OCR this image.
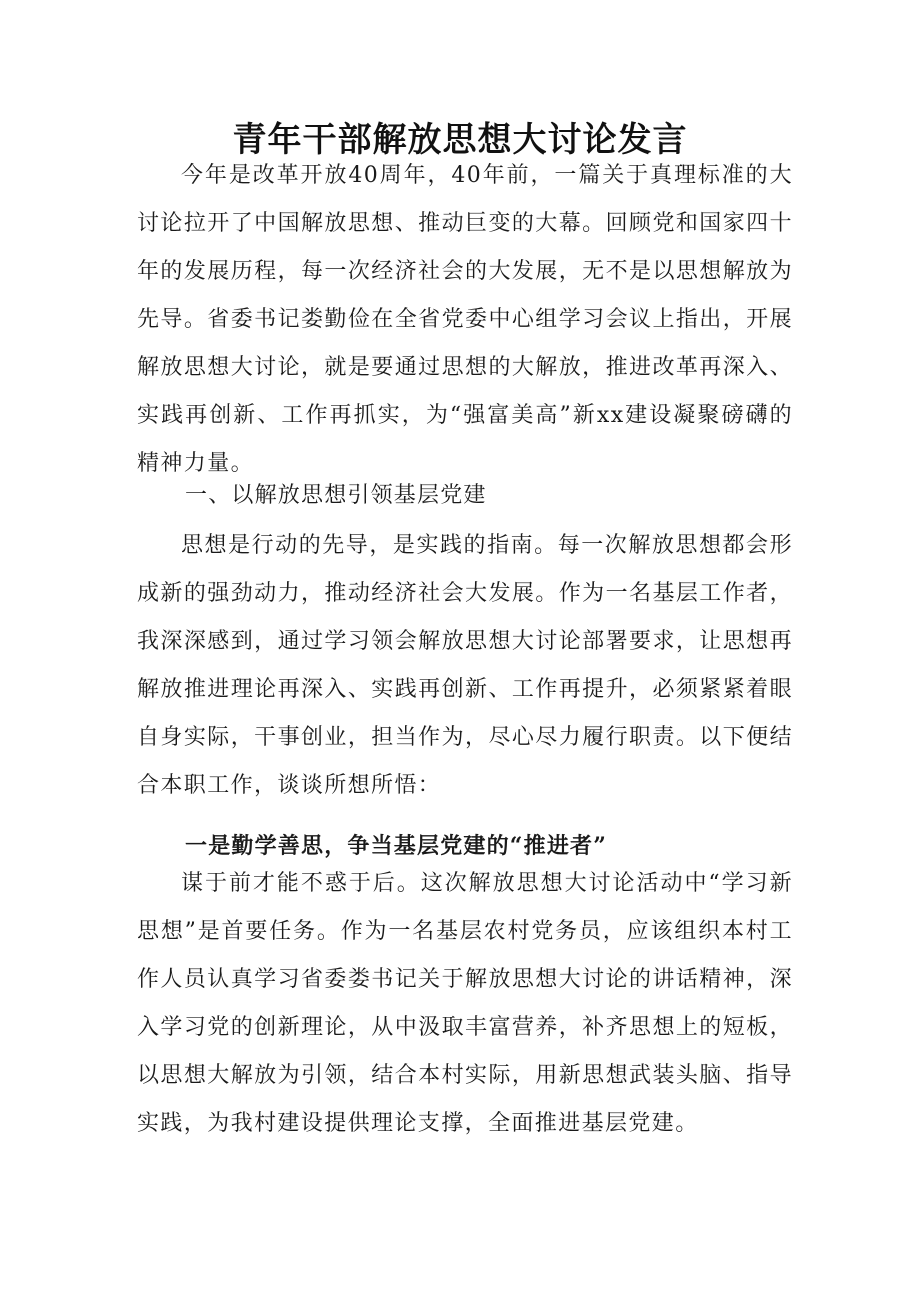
青年干部解放思想大讨论发言

今年是改革开放40周年，40年前，一篇关于真理标准的大讨论拉开了中国解放思想、推动巨变的大幕。回顾党和国家四十年的发展历程，每一次经济社会的大发展，无不是以思想解放为先导。省委书记娄勤俭在全省党委中心组学习会议上指出，开展解放思想大讨论，就是要通过思想的大解放，推进改革再深入、实践再创新、工作再抓实，为“强富美高”新xx建设凝聚磅礴的精神力量。

一、以解放思想引领基层党建

思想是行动的先导，是实践的指南。每一次解放思想都会形成新的强劲动力，推动经济社会大发展。作为一名基层工作者，我深深感到，通过学习领会解放思想大讨论部署要求，让思想再解放推进理论再深入、实践再创新、工作再提升，必须紧紧着眼自身实际，干事创业，担当作为，尽心尽力履行职责。以下便结合本职工作，谈谈所想所悟：

一是勤学善思，争当基层党建的“推进者”

谋于前才能不惑于后。这次解放思想大讨论活动中“学习新思想”是首要任务。作为一名基层农村党务员，应该组织本村工作人员认真学习省委娄书记关于解放思想大讨论的讲话精神，深入学习党的创新理论，从中汲取丰富营养，补齐思想上的短板，以思想大解放为引领，结合本村实际，用新思想武装头脑、指导实践，为我村建设提供理论支撑，全面推进基层党建。
